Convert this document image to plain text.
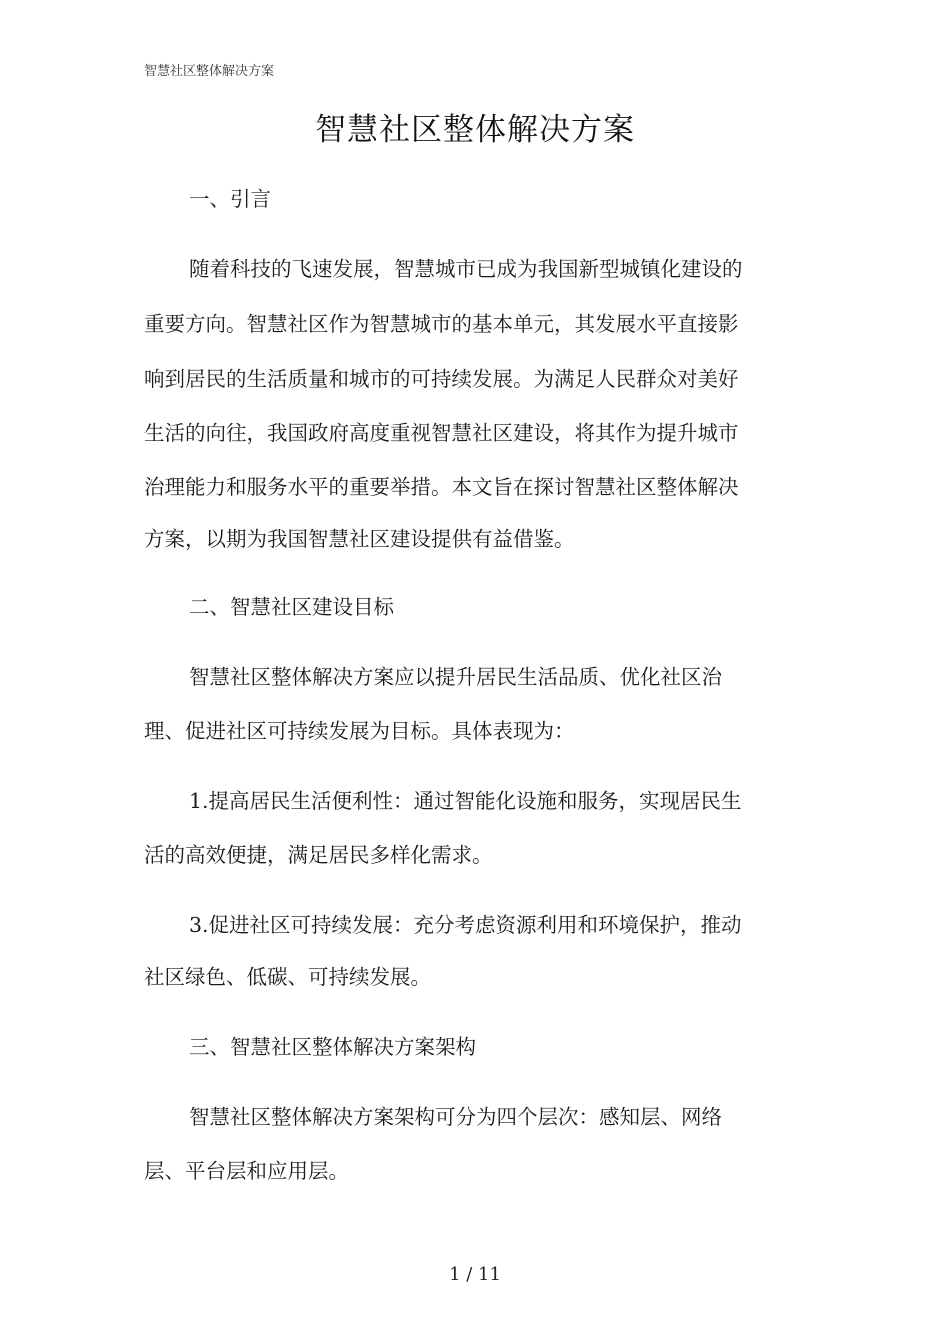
智慧社区整体解决方案
智慧社区整体解决方案
一、引言
随着科技的飞速发展，智慧城市已成为我国新型城镇化建设的
重要方向。智慧社区作为智慧城市的基本单元，其发展水平直接影
响到居民的生活质量和城市的可持续发展。为满足人民群众对美好
生活的向往，我国政府高度重视智慧社区建设，将其作为提升城市
治理能力和服务水平的重要举措。本文旨在探讨智慧社区整体解决
方案，以期为我国智慧社区建设提供有益借鉴。
二、智慧社区建设目标
智慧社区整体解决方案应以提升居民生活品质、优化社区治
理、促进社区可持续发展为目标。具体表现为：
1.提高居民生活便利性：通过智能化设施和服务，实现居民生
活的高效便捷，满足居民多样化需求。
3.促进社区可持续发展：充分考虑资源利用和环境保护，推动
社区绿色、低碳、可持续发展。
三、智慧社区整体解决方案架构
智慧社区整体解决方案架构可分为四个层次：感知层、网络
层、平台层和应用层。
1 / 11
